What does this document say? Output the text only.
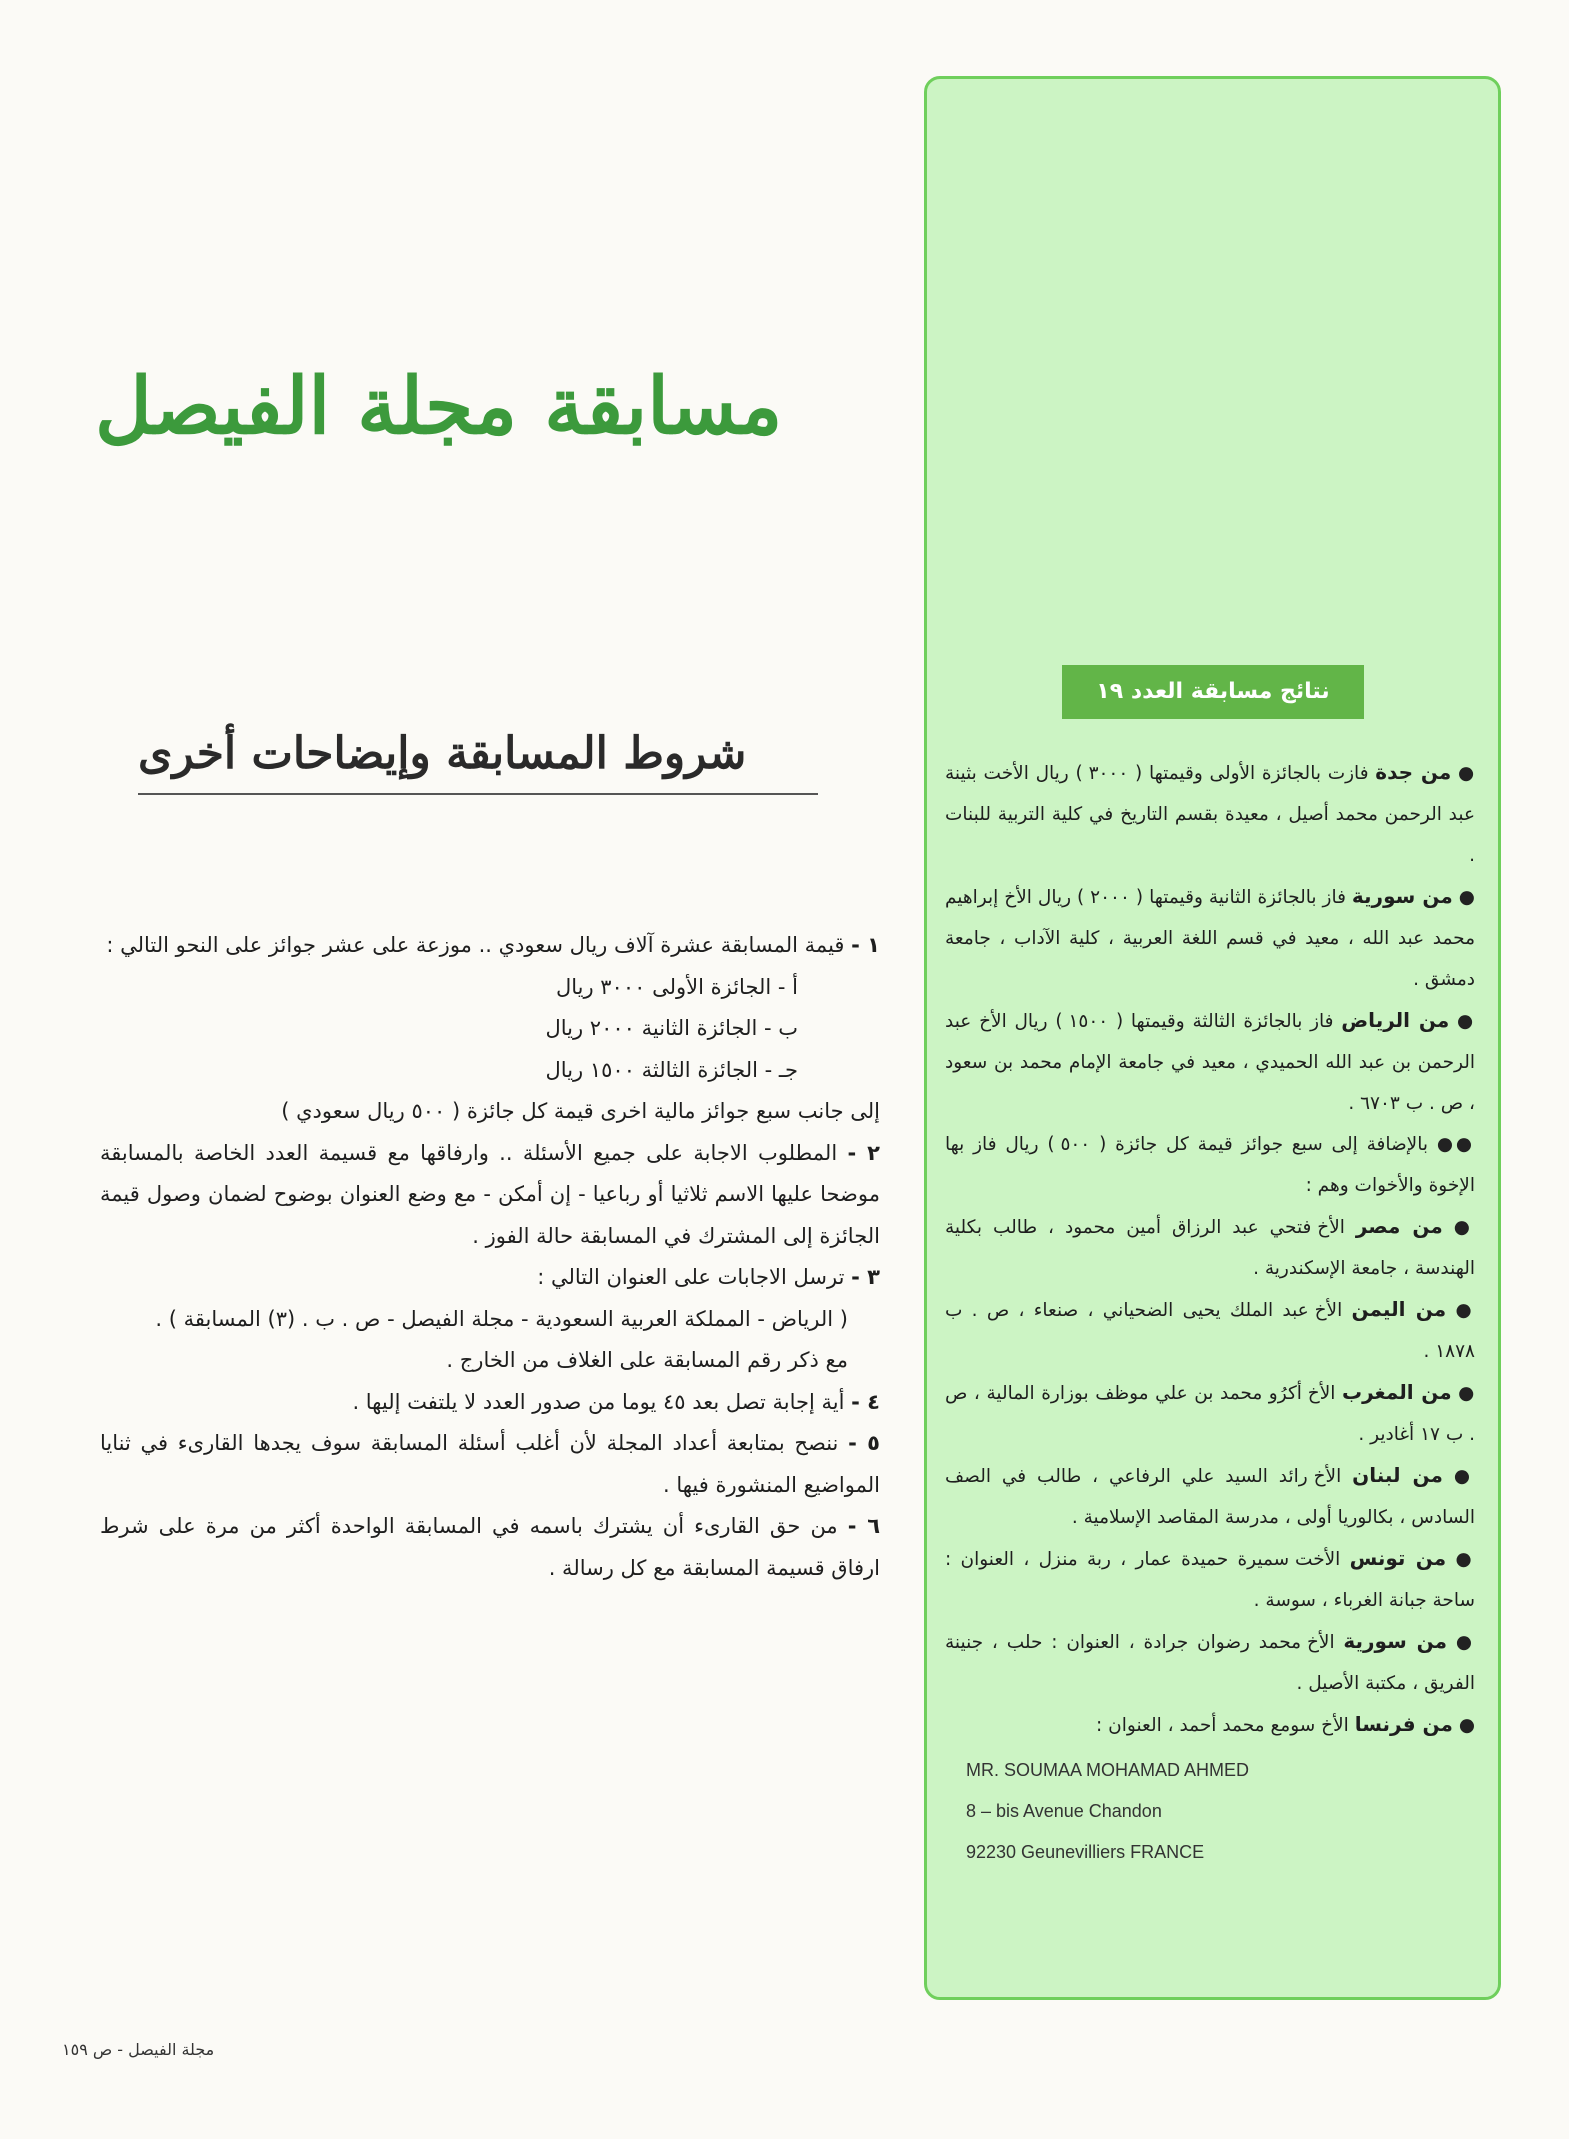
مسابقة مجلة الفيصل
شروط المسابقة وإيضاحات أخرى

١ - قيمة المسابقة عشرة آلاف ريال سعودي .. موزعة على عشر جوائز على النحو التالي :

أ - الجائزة الأولى ٣٠٠٠ ريال

ب - الجائزة الثانية ٢٠٠٠ ريال

جـ - الجائزة الثالثة ١٥٠٠ ريال

إلى جانب سبع جوائز مالية اخرى قيمة كل جائزة ( ٥٠٠ ريال سعودي )

٢ - المطلوب الاجابة على جميع الأسئلة .. وارفاقها مع قسيمة العدد الخاصة بالمسابقة موضحا عليها الاسم ثلاثيا أو رباعيا - إن أمكن - مع وضع العنوان بوضوح لضمان وصول قيمة الجائزة إلى المشترك في المسابقة حالة الفوز .

٣ - ترسل الاجابات على العنوان التالي :

( الرياض - المملكة العربية السعودية - مجلة الفيصل - ص . ب . (٣) المسابقة ) .

مع ذكر رقم المسابقة على الغلاف من الخارج .

٤ - أية إجابة تصل بعد ٤٥ يوما من صدور العدد لا يلتفت إليها .

٥ - ننصح بمتابعة أعداد المجلة لأن أغلب أسئلة المسابقة سوف يجدها القارىء في ثنايا المواضيع المنشورة فيها .

٦ - من حق القارىء أن يشترك باسمه في المسابقة الواحدة أكثر من مرة على شرط ارفاق قسيمة المسابقة مع كل رسالة .

نتائج مسابقة العدد ١٩
● من جدة فازت بالجائزة الأولى وقيمتها ( ٣٠٠٠ ) ريال الأخت بثينة عبد الرحمن محمد أصيل ، معيدة بقسم التاريخ في كلية التربية للبنات .
● من سورية فاز بالجائزة الثانية وقيمتها ( ٢٠٠٠ ) ريال الأخ إبراهيم محمد عبد الله ، معيد في قسم اللغة العربية ، كلية الآداب ، جامعة دمشق .
● من الرياض فاز بالجائزة الثالثة وقيمتها ( ١٥٠٠ ) ريال الأخ عبد الرحمن بن عبد الله الحميدي ، معيد في جامعة الإمام محمد بن سعود ، ص . ب ٦٧٠٣ .
●● بالإضافة إلى سبع جوائز قيمة كل جائزة ( ٥٠٠ ) ريال فاز بها الإخوة والأخوات وهم :
● من مصر الأخ فتحي عبد الرزاق أمين محمود ، طالب بكلية الهندسة ، جامعة الإسكندرية .
● من اليمن الأخ عبد الملك يحيى الضحياني ، صنعاء ، ص . ب ١٨٧٨ .
● من المغرب الأخ أكرُو محمد بن علي موظف بوزارة المالية ، ص . ب ١٧ أغادير .
● من لبنان الأخ رائد السيد علي الرفاعي ، طالب في الصف السادس ، بكالوريا أولى ، مدرسة المقاصد الإسلامية .
● من تونس الأخت سميرة حميدة عمار ، ربة منزل ، العنوان : ساحة جبانة الغرباء ، سوسة .
● من سورية الأخ محمد رضوان جرادة ، العنوان : حلب ، جنينة الفريق ، مكتبة الأصيل .
● من فرنسا الأخ سومع محمد أحمد ، العنوان :
MR. SOUMAA MOHAMAD AHMED
8 – bis Avenue Chandon
92230 Geunevilliers FRANCE
مجلة الفيصل - ص ١٥٩
